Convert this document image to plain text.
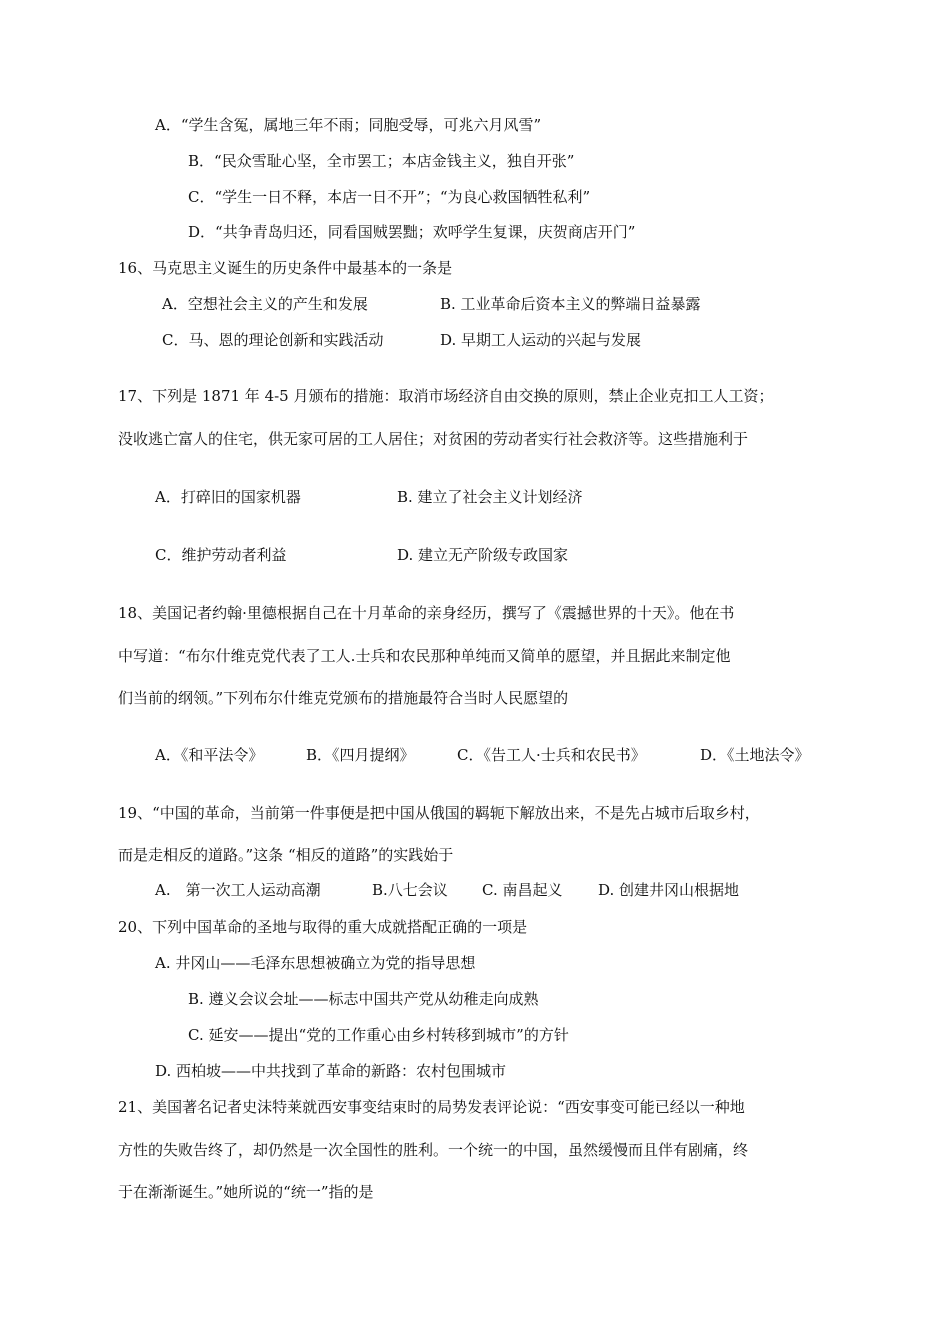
A．“学生含冤，属地三年不雨；同胞受辱，可兆六月风雪”
B．“民众雪耻心坚，全市罢工；本店金钱主义，独自开张”
C．“学生一日不释，本店一日不开”；“为良心救国牺牲私利”
D．“共争青岛归还，同看国贼罢黜；欢呼学生复课，庆贺商店开门”
16、马克思主义诞生的历史条件中最基本的一条是
A．空想社会主义的产生和发展	B. 工业革命后资本主义的弊端日益暴露
C．马、恩的理论创新和实践活动	D. 早期工人运动的兴起与发展
17、下列是 1871 年 4-5 月颁布的措施：取消市场经济自由交换的原则，禁止企业克扣工人工资；
没收逃亡富人的住宅，供无家可居的工人居住；对贫困的劳动者实行社会救济等。这些措施利于
A．打碎旧的国家机器	B. 建立了社会主义计划经济
C．维护劳动者利益	D. 建立无产阶级专政国家
18、美国记者约翰·里德根据自己在十月革命的亲身经历，撰写了《震撼世界的十天》。他在书
中写道：“布尔什维克党代表了工人.士兵和农民那种单纯而又简单的愿望，并且据此来制定他
们当前的纲领。”下列布尔什维克党颁布的措施最符合当时人民愿望的
A．《和平法令》	B．《四月提纲》	C．《告工人·士兵和农民书》	D．《土地法令》
19、“中国的革命，当前第一件事便是把中国从俄国的羁轭下解放出来，不是先占城市后取乡村，
而是走相反的道路。”这条 “相反的道路”的实践始于
A.　第一次工人运动高潮	B.八七会议 C. 南昌起义 D. 创建井冈山根据地
20、下列中国革命的圣地与取得的重大成就搭配正确的一项是
A. 井冈山——毛泽东思想被确立为党的指导思想
B. 遵义会议会址——标志中国共产党从幼稚走向成熟
C. 延安——提出“党的工作重心由乡村转移到城市”的方针
D. 西柏坡——中共找到了革命的新路：农村包围城市
21、美国著名记者史沫特莱就西安事变结束时的局势发表评论说：“西安事变可能已经以一种地
方性的失败告终了，却仍然是一次全国性的胜利。一个统一的中国，虽然缓慢而且伴有剧痛，终
于在渐渐诞生。”她所说的“统一”指的是
